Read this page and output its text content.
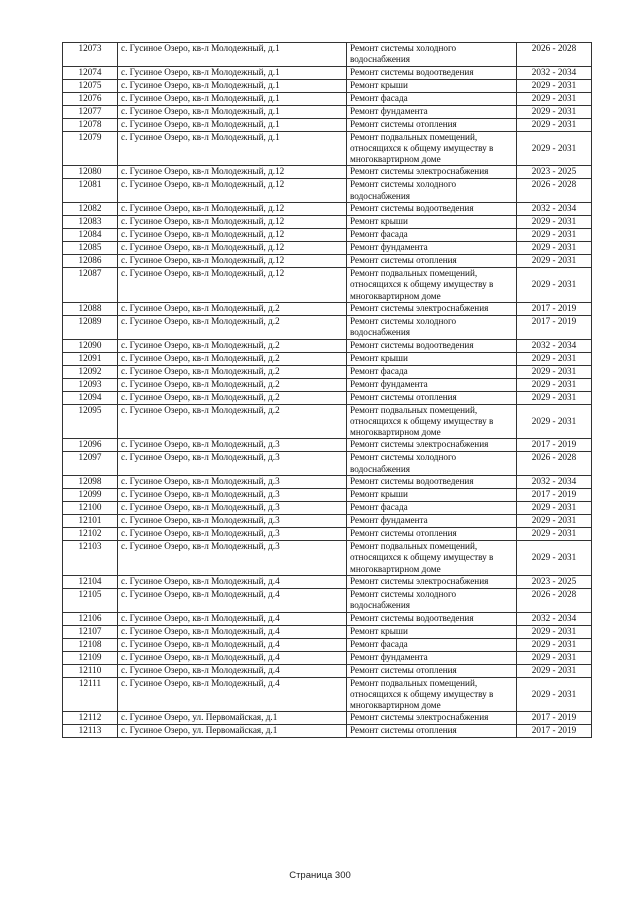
12073	с. Гусиное Озеро, кв-л Молодежный, д.1	Ремонт системы холодного водоснабжения	2026 - 2028
12074	с. Гусиное Озеро, кв-л Молодежный, д.1	Ремонт системы водоотведения	2032 - 2034
12075	с. Гусиное Озеро, кв-л Молодежный, д.1	Ремонт крыши	2029 - 2031
12076	с. Гусиное Озеро, кв-л Молодежный, д.1	Ремонт фасада	2029 - 2031
12077	с. Гусиное Озеро, кв-л Молодежный, д.1	Ремонт фундамента	2029 - 2031
12078	с. Гусиное Озеро, кв-л Молодежный, д.1	Ремонт системы отопления	2029 - 2031
12079	с. Гусиное Озеро, кв-л Молодежный, д.1	Ремонт подвальных помещений, относящихся к общему имуществу в многоквартирном доме	2029 - 2031
12080	с. Гусиное Озеро, кв-л Молодежный, д.12	Ремонт системы электроснабжения	2023 - 2025
12081	с. Гусиное Озеро, кв-л Молодежный, д.12	Ремонт системы холодного водоснабжения	2026 - 2028
12082	с. Гусиное Озеро, кв-л Молодежный, д.12	Ремонт системы водоотведения	2032 - 2034
12083	с. Гусиное Озеро, кв-л Молодежный, д.12	Ремонт крыши	2029 - 2031
12084	с. Гусиное Озеро, кв-л Молодежный, д.12	Ремонт фасада	2029 - 2031
12085	с. Гусиное Озеро, кв-л Молодежный, д.12	Ремонт фундамента	2029 - 2031
12086	с. Гусиное Озеро, кв-л Молодежный, д.12	Ремонт системы отопления	2029 - 2031
12087	с. Гусиное Озеро, кв-л Молодежный, д.12	Ремонт подвальных помещений, относящихся к общему имуществу в многоквартирном доме	2029 - 2031
12088	с. Гусиное Озеро, кв-л Молодежный, д.2	Ремонт системы электроснабжения	2017 - 2019
12089	с. Гусиное Озеро, кв-л Молодежный, д.2	Ремонт системы холодного водоснабжения	2017 - 2019
12090	с. Гусиное Озеро, кв-л Молодежный, д.2	Ремонт системы водоотведения	2032 - 2034
12091	с. Гусиное Озеро, кв-л Молодежный, д.2	Ремонт крыши	2029 - 2031
12092	с. Гусиное Озеро, кв-л Молодежный, д.2	Ремонт фасада	2029 - 2031
12093	с. Гусиное Озеро, кв-л Молодежный, д.2	Ремонт фундамента	2029 - 2031
12094	с. Гусиное Озеро, кв-л Молодежный, д.2	Ремонт системы отопления	2029 - 2031
12095	с. Гусиное Озеро, кв-л Молодежный, д.2	Ремонт подвальных помещений, относящихся к общему имуществу в многоквартирном доме	2029 - 2031
12096	с. Гусиное Озеро, кв-л Молодежный, д.3	Ремонт системы электроснабжения	2017 - 2019
12097	с. Гусиное Озеро, кв-л Молодежный, д.3	Ремонт системы холодного водоснабжения	2026 - 2028
12098	с. Гусиное Озеро, кв-л Молодежный, д.3	Ремонт системы водоотведения	2032 - 2034
12099	с. Гусиное Озеро, кв-л Молодежный, д.3	Ремонт крыши	2017 - 2019
12100	с. Гусиное Озеро, кв-л Молодежный, д.3	Ремонт фасада	2029 - 2031
12101	с. Гусиное Озеро, кв-л Молодежный, д.3	Ремонт фундамента	2029 - 2031
12102	с. Гусиное Озеро, кв-л Молодежный, д.3	Ремонт системы отопления	2029 - 2031
12103	с. Гусиное Озеро, кв-л Молодежный, д.3	Ремонт подвальных помещений, относящихся к общему имуществу в многоквартирном доме	2029 - 2031
12104	с. Гусиное Озеро, кв-л Молодежный, д.4	Ремонт системы электроснабжения	2023 - 2025
12105	с. Гусиное Озеро, кв-л Молодежный, д.4	Ремонт системы холодного водоснабжения	2026 - 2028
12106	с. Гусиное Озеро, кв-л Молодежный, д.4	Ремонт системы водоотведения	2032 - 2034
12107	с. Гусиное Озеро, кв-л Молодежный, д.4	Ремонт крыши	2029 - 2031
12108	с. Гусиное Озеро, кв-л Молодежный, д.4	Ремонт фасада	2029 - 2031
12109	с. Гусиное Озеро, кв-л Молодежный, д.4	Ремонт фундамента	2029 - 2031
12110	с. Гусиное Озеро, кв-л Молодежный, д.4	Ремонт системы отопления	2029 - 2031
12111	с. Гусиное Озеро, кв-л Молодежный, д.4	Ремонт подвальных помещений, относящихся к общему имуществу в многоквартирном доме	2029 - 2031
12112	с. Гусиное Озеро, ул. Первомайская, д.1	Ремонт системы электроснабжения	2017 - 2019
12113	с. Гусиное Озеро, ул. Первомайская, д.1	Ремонт системы отопления	2017 - 2019
Страница 300
